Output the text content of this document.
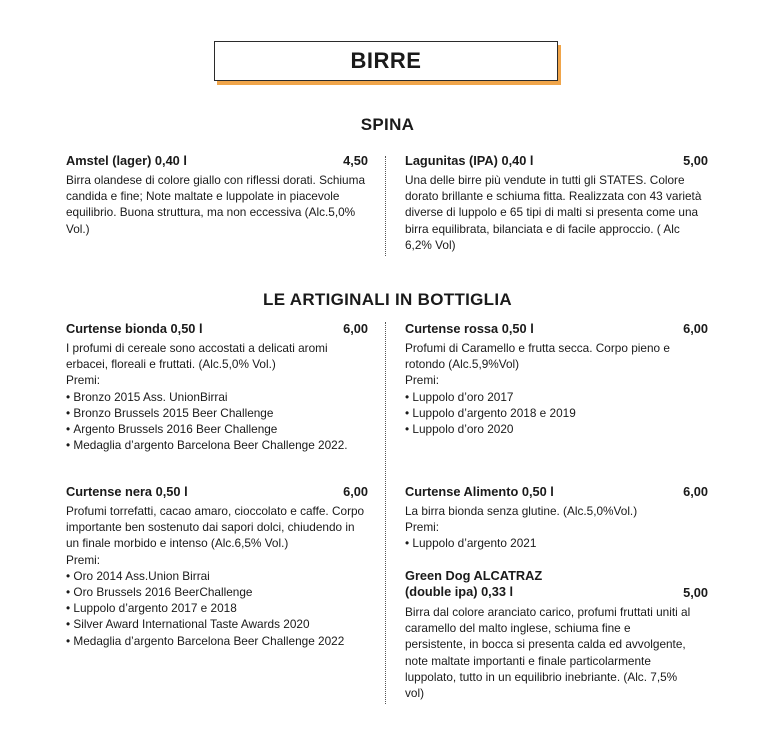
BIRRE
SPINA
Amstel (lager) 0,40 l	4,50

Birra olandese di colore giallo con riflessi dorati. Schiuma candida e fine; Note maltate e luppolate in piacevole equilibrio. Buona struttura, ma non eccessiva (Alc.5,0% Vol.)

Lagunitas (IPA) 0,40 l	5,00

Una delle birre più vendute in tutti gli STATES. Colore dorato brillante e schiuma fitta. Realizzata con 43 varietà diverse di luppolo e 65 tipi di malti si presenta come una birra equilibrata, bilanciata e di facile approccio. ( Alc 6,2% Vol)

LE ARTIGINALI IN BOTTIGLIA
Curtense bionda 0,50 l	6,00

I profumi di cereale sono accostati a delicati aromi erbacei, floreali e fruttati. (Alc.5,0% Vol.)

Premi:
• Bronzo 2015 Ass. UnionBirrai
• Bronzo Brussels 2015 Beer Challenge
• Argento Brussels 2016 Beer Challenge
• Medaglia d’argento Barcelona Beer Challenge 2022.
Curtense rossa 0,50 l	6,00

Profumi di Caramello e frutta secca. Corpo pieno e rotondo (Alc.5,9%Vol)

Premi:
• Luppolo d’oro 2017
• Luppolo d’argento 2018 e 2019
• Luppolo d’oro 2020
Curtense nera 0,50 l	6,00

Profumi torrefatti, cacao amaro, cioccolato e caffe. Corpo importante ben sostenuto dai sapori dolci, chiudendo in un finale morbido e intenso (Alc.6,5% Vol.)

Premi:
• Oro 2014 Ass.Union Birrai
• Oro Brussels 2016 BeerChallenge
• Luppolo d’argento 2017 e 2018
• Silver Award International Taste Awards 2020
• Medaglia d’argento Barcelona Beer Challenge 2022
Curtense Alimento 0,50 l	6,00

La birra bionda senza glutine. (Alc.5,0%Vol.)

Premi:
• Luppolo d’argento 2021
Green Dog ALCATRAZ
(double ipa) 0,33 l	5,00

Birra dal colore aranciato carico, profumi fruttati uniti al caramello del malto inglese, schiuma fine e persistente, in bocca si presenta calda ed avvolgente, note maltate importanti e finale particolarmente luppolato, tutto in un equilibrio inebriante. (Alc. 7,5% vol)
